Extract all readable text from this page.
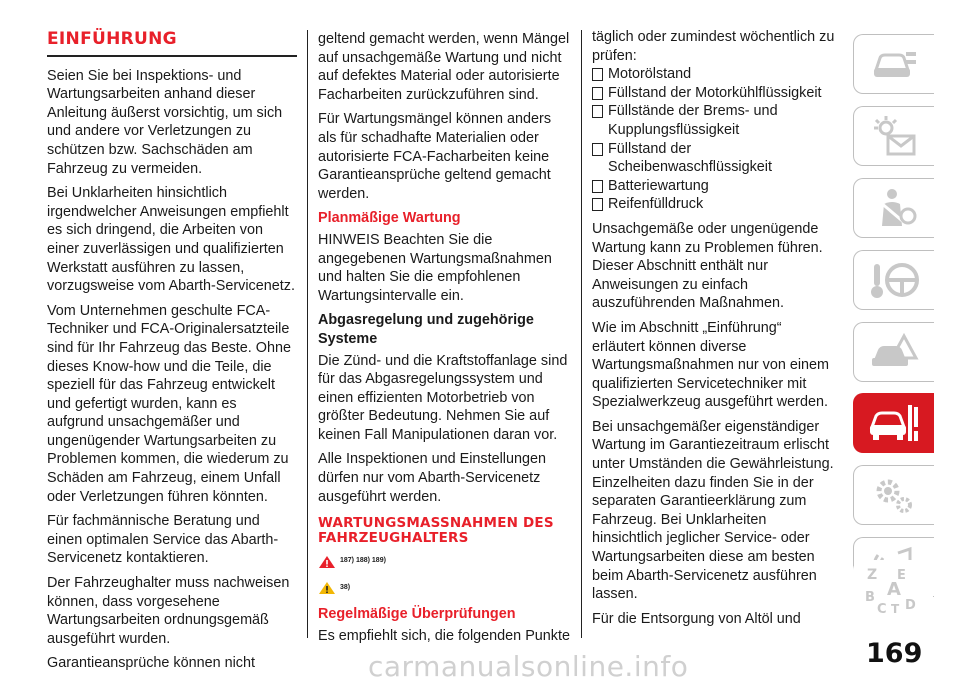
EINFÜHRUNG

Seien Sie bei Inspektions- und Wartungsarbeiten anhand dieser Anleitung äußerst vorsichtig, um sich und andere vor Verletzungen zu schützen bzw. Sachschäden am Fahrzeug zu vermeiden.

Bei Unklarheiten hinsichtlich irgendwelcher Anweisungen empfiehlt es sich dringend, die Arbeiten von einer zuverlässigen und qualifizierten Werkstatt ausführen zu lassen, vorzugsweise vom Abarth-Servicenetz.

Vom Unternehmen geschulte FCA-Techniker und FCA-Originalersatzteile sind für Ihr Fahrzeug das Beste. Ohne dieses Know-how und die Teile, die speziell für das Fahrzeug entwickelt und gefertigt wurden, kann es aufgrund unsachgemäßer und ungenügender Wartungsarbeiten zu Problemen kommen, die wiederum zu Schäden am Fahrzeug, einem Unfall oder Verletzungen führen könnten.

Für fachmännische Beratung und einen optimalen Service das Abarth-Servicenetz kontaktieren.

Der Fahrzeughalter muss nachweisen können, dass vorgesehene Wartungsarbeiten ordnungsgemäß ausgeführt wurden.

Garantieansprüche können nicht

geltend gemacht werden, wenn Mängel auf unsachgemäße Wartung und nicht auf defektes Material oder autorisierte Facharbeiten zurückzuführen sind.

Für Wartungsmängel können anders als für schadhafte Materialien oder autorisierte FCA-Facharbeiten keine Garantieansprüche geltend gemacht werden.

Planmäßige Wartung

HINWEIS Beachten Sie die angegebenen Wartungsmaßnahmen und halten Sie die empfohlenen Wartungsintervalle ein.

Abgasregelung und zugehörige Systeme

Die Zünd- und die Kraftstoffanlage sind für das Abgasregelungssystem und einen effizienten Motorbetrieb von größter Bedeutung. Nehmen Sie auf keinen Fall Manipulationen daran vor.

Alle Inspektionen und Einstellungen dürfen nur vom Abarth-Servicenetz ausgeführt werden.

WARTUNGSMASSNAHMEN DES FAHRZEUGHALTERS
187) 188) 189)
38)
Regelmäßige Überprüfungen

Es empfiehlt sich, die folgenden Punkte

täglich oder zumindest wöchentlich zu prüfen:

Motorölstand
Füllstand der Motorkühlflüssigkeit
Füllstände der Brems- und Kupplungsflüssigkeit
Füllstand der Scheibenwaschflüssigkeit
Batteriewartung
Reifenfülldruck

Unsachgemäße oder ungenügende Wartung kann zu Problemen führen. Dieser Abschnitt enthält nur Anweisungen zu einfach auszuführenden Maßnahmen.

Wie im Abschnitt „Einführung“ erläutert können diverse Wartungsmaßnahmen nur von einem qualifizierten Servicetechniker mit Spezialwerkzeug ausgeführt werden.

Bei unsachgemäßer eigenständiger Wartung im Garantiezeitraum erlischt unter Umständen die Gewährleistung. Einzelheiten dazu finden Sie in der separaten Garantieerklärung zum Fahrzeug. Bei Unklarheiten hinsichtlich jeglicher Service- oder Wartungsarbeiten diese am besten beim Abarth-Servicenetz ausführen lassen.

Für die Entsorgung von Altöl und

Z E
A
B
C T D
169
carmanualsonline.info
